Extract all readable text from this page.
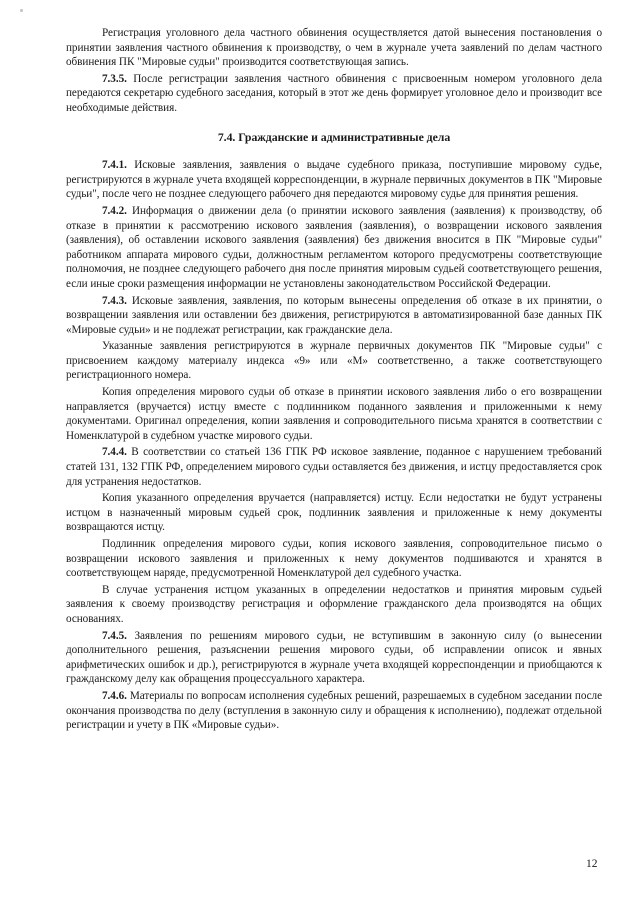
Регистрация уголовного дела частного обвинения осуществляется датой вынесения постановления о принятии заявления частного обвинения к производству, о чем в журнале учета заявлений по делам частного обвинения ПК "Мировые судьи" производится соответствующая запись.

7.3.5. После регистрации заявления частного обвинения с присвоенным номером уголовного дела передаются секретарю судебного заседания, который в этот же день формирует уголовное дело и производит все необходимые действия.

7.4. Гражданские и административные дела

7.4.1. Исковые заявления, заявления о выдаче судебного приказа, поступившие мировому судье, регистрируются в журнале учета входящей корреспонденции, в журнале первичных документов в ПК "Мировые судьи", после чего не позднее следующего рабочего дня передаются мировому судье для принятия решения.

7.4.2. Информация о движении дела (о принятии искового заявления (заявления) к производству, об отказе в принятии к рассмотрению искового заявления (заявления), о возвращении искового заявления (заявления), об оставлении искового заявления (заявления) без движения вносится в ПК "Мировые судьи" работником аппарата мирового судьи, должностным регламентом которого предусмотрены соответствующие полномочия, не позднее следующего рабочего дня после принятия мировым судьей соответствующего решения, если иные сроки размещения информации не установлены законодательством Российской Федерации.

7.4.3. Исковые заявления, заявления, по которым вынесены определения об отказе в их принятии, о возвращении заявления или оставлении без движения, регистрируются в автоматизированной базе данных ПК «Мировые судьи» и не подлежат регистрации, как гражданские дела.

Указанные заявления регистрируются в журнале первичных документов ПК "Мировые судьи" с присвоением каждому материалу индекса «9» или «М» соответственно, а также соответствующего регистрационного номера.

Копия определения мирового судьи об отказе в принятии искового заявления либо о его возвращении направляется (вручается) истцу вместе с подлинником поданного заявления и приложенными к нему документами. Оригинал определения, копии заявления и сопроводительного письма хранятся в соответствии с Номенклатурой в судебном участке мирового судьи.

7.4.4. В соответствии со статьей 136 ГПК РФ исковое заявление, поданное с нарушением требований статей 131, 132 ГПК РФ, определением мирового судьи оставляется без движения, и истцу предоставляется срок для устранения недостатков.

Копия указанного определения вручается (направляется) истцу. Если недостатки не будут устранены истцом в назначенный мировым судьей срок, подлинник заявления и приложенные к нему документы возвращаются истцу.

Подлинник определения мирового судьи, копия искового заявления, сопроводительное письмо о возвращении искового заявления и приложенных к нему документов подшиваются и хранятся в соответствующем наряде, предусмотренной Номенклатурой дел судебного участка.

В случае устранения истцом указанных в определении недостатков и принятия мировым судьей заявления к своему производству регистрация и оформление гражданского дела производятся на общих основаниях.

7.4.5. Заявления по решениям мирового судьи, не вступившим в законную силу (о вынесении дополнительного решения, разъяснении решения мирового судьи, об исправлении описок и явных арифметических ошибок и др.), регистрируются в журнале учета входящей корреспонденции и приобщаются к гражданскому делу как обращения процессуального характера.

7.4.6. Материалы по вопросам исполнения судебных решений, разрешаемых в судебном заседании после окончания производства по делу (вступления в законную силу и обращения к исполнению), подлежат отдельной регистрации и учету в ПК «Мировые судьи».

12
